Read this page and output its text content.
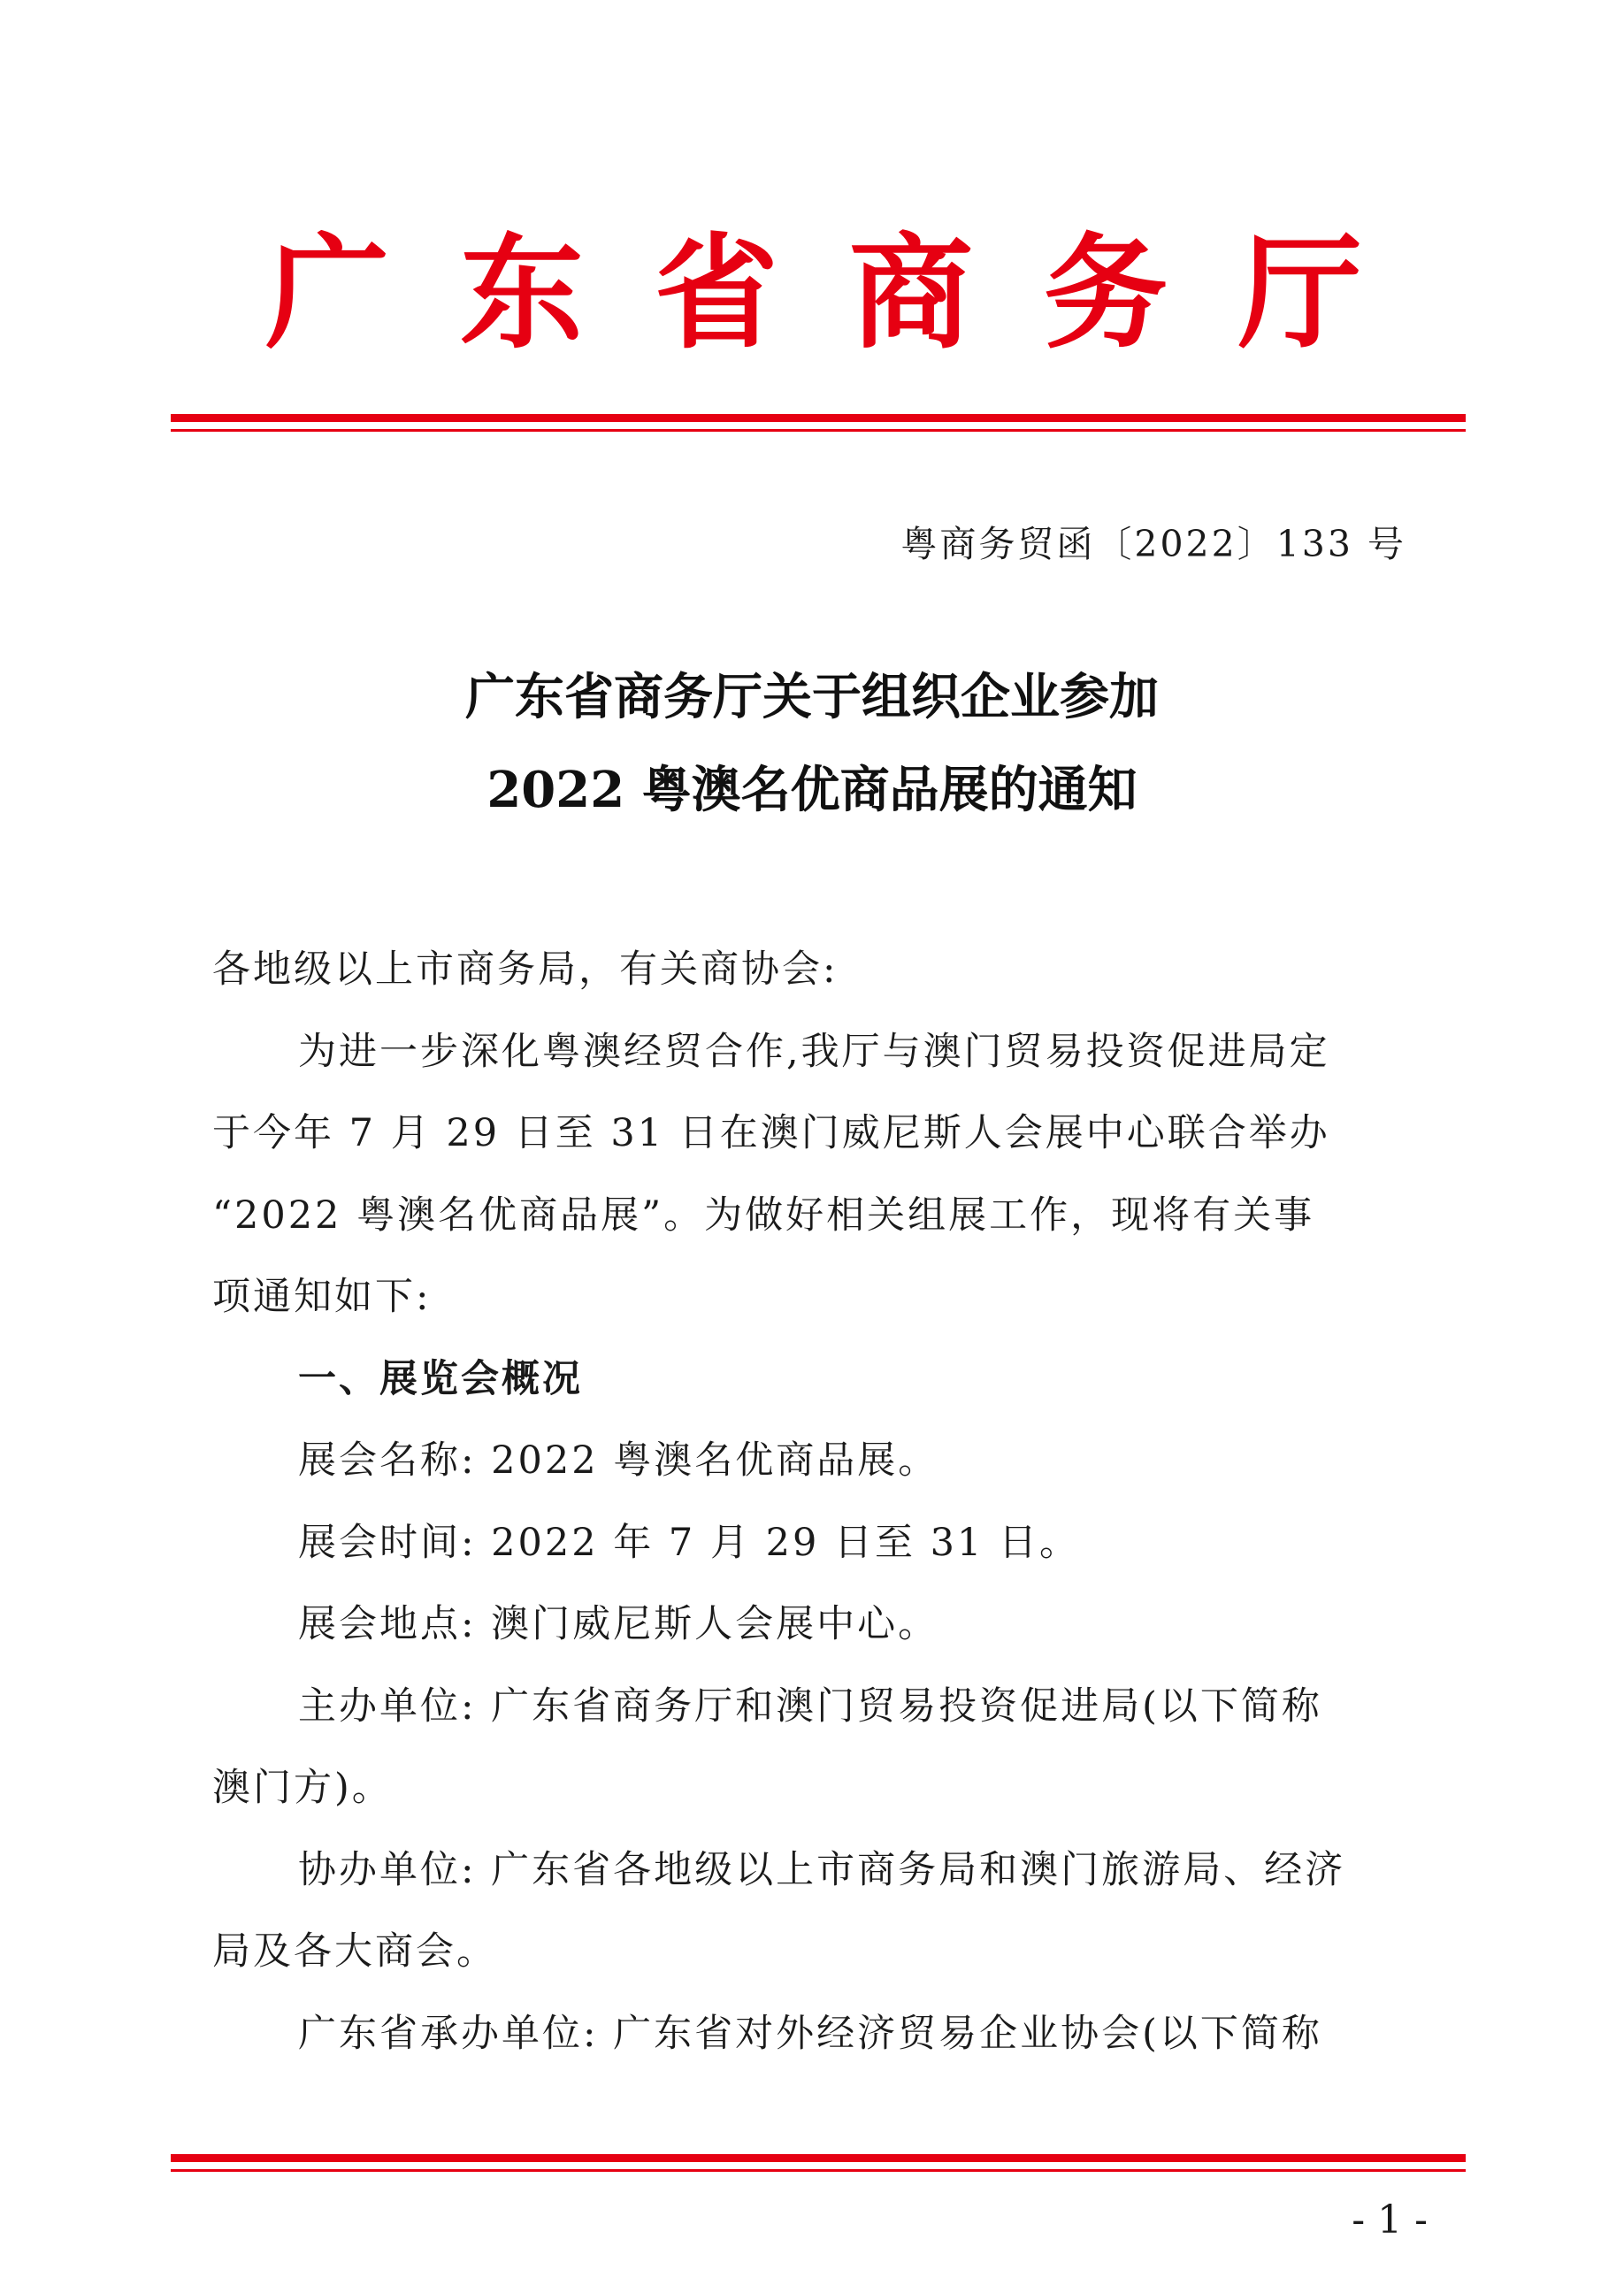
广 东 省 商 务 厅
粤商务贸函〔2022〕133 号
广东省商务厅关于组织企业参加
2022 粤澳名优商品展的通知
各地级以上市商务局，有关商协会:
为进一步深化粤澳经贸合作,我厅与澳门贸易投资促进局定
于今年 7 月 29 日至 31 日在澳门威尼斯人会展中心联合举办
“2022 粤澳名优商品展”。为做好相关组展工作，现将有关事
项通知如下:
一、展览会概况
展会名称: 2022 粤澳名优商品展。
展会时间: 2022 年 7 月 29 日至 31 日。
展会地点: 澳门威尼斯人会展中心。
主办单位: 广东省商务厅和澳门贸易投资促进局(以下简称
澳门方)。
协办单位: 广东省各地级以上市商务局和澳门旅游局、经济
局及各大商会。
广东省承办单位: 广东省对外经济贸易企业协会(以下简称
- 1 -
